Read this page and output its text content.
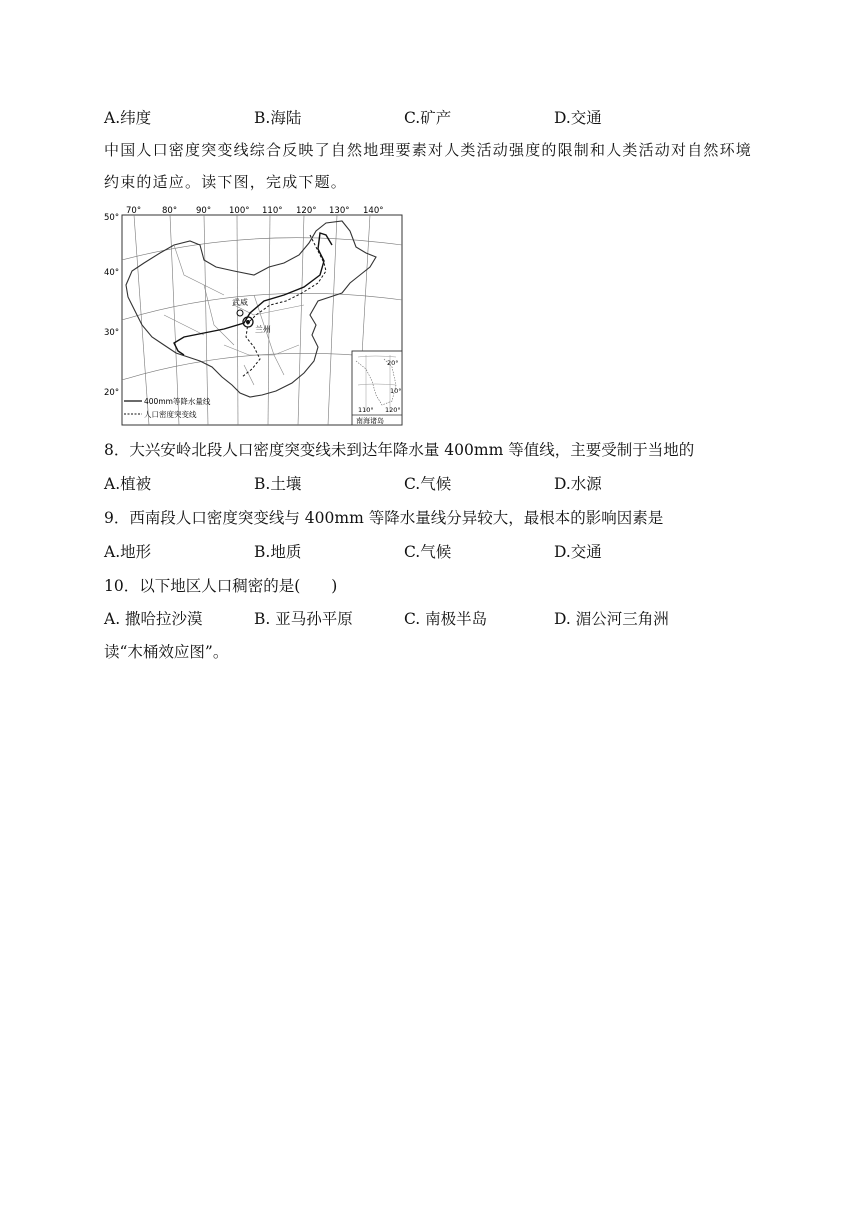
A.纬度	B.海陆	C.矿产	D.交通
中国人口密度突变线综合反映了自然地理要素对人类活动强度的限制和人类活动对自然环境约束的适应。读下图，完成下题。
70° 80° 90° 100° 110° 120° 130° 140°
50°
40°
30°
20°
武威
兰州
400mm等降水量线
人口密度突变线
20°
10°
110° 120°
南海诸岛
8．大兴安岭北段人口密度突变线未到达年降水量 400mm 等值线，主要受制于当地的
A.植被	B.土壤	C.气候	D.水源
9．西南段人口密度突变线与 400mm 等降水量线分异较大，最根本的影响因素是
A.地形	B.地质	C.气候	D.交通
10．以下地区人口稠密的是(　　)
A. 撒哈拉沙漠	B. 亚马孙平原	C. 南极半岛	D. 湄公河三角洲
读“木桶效应图”。
